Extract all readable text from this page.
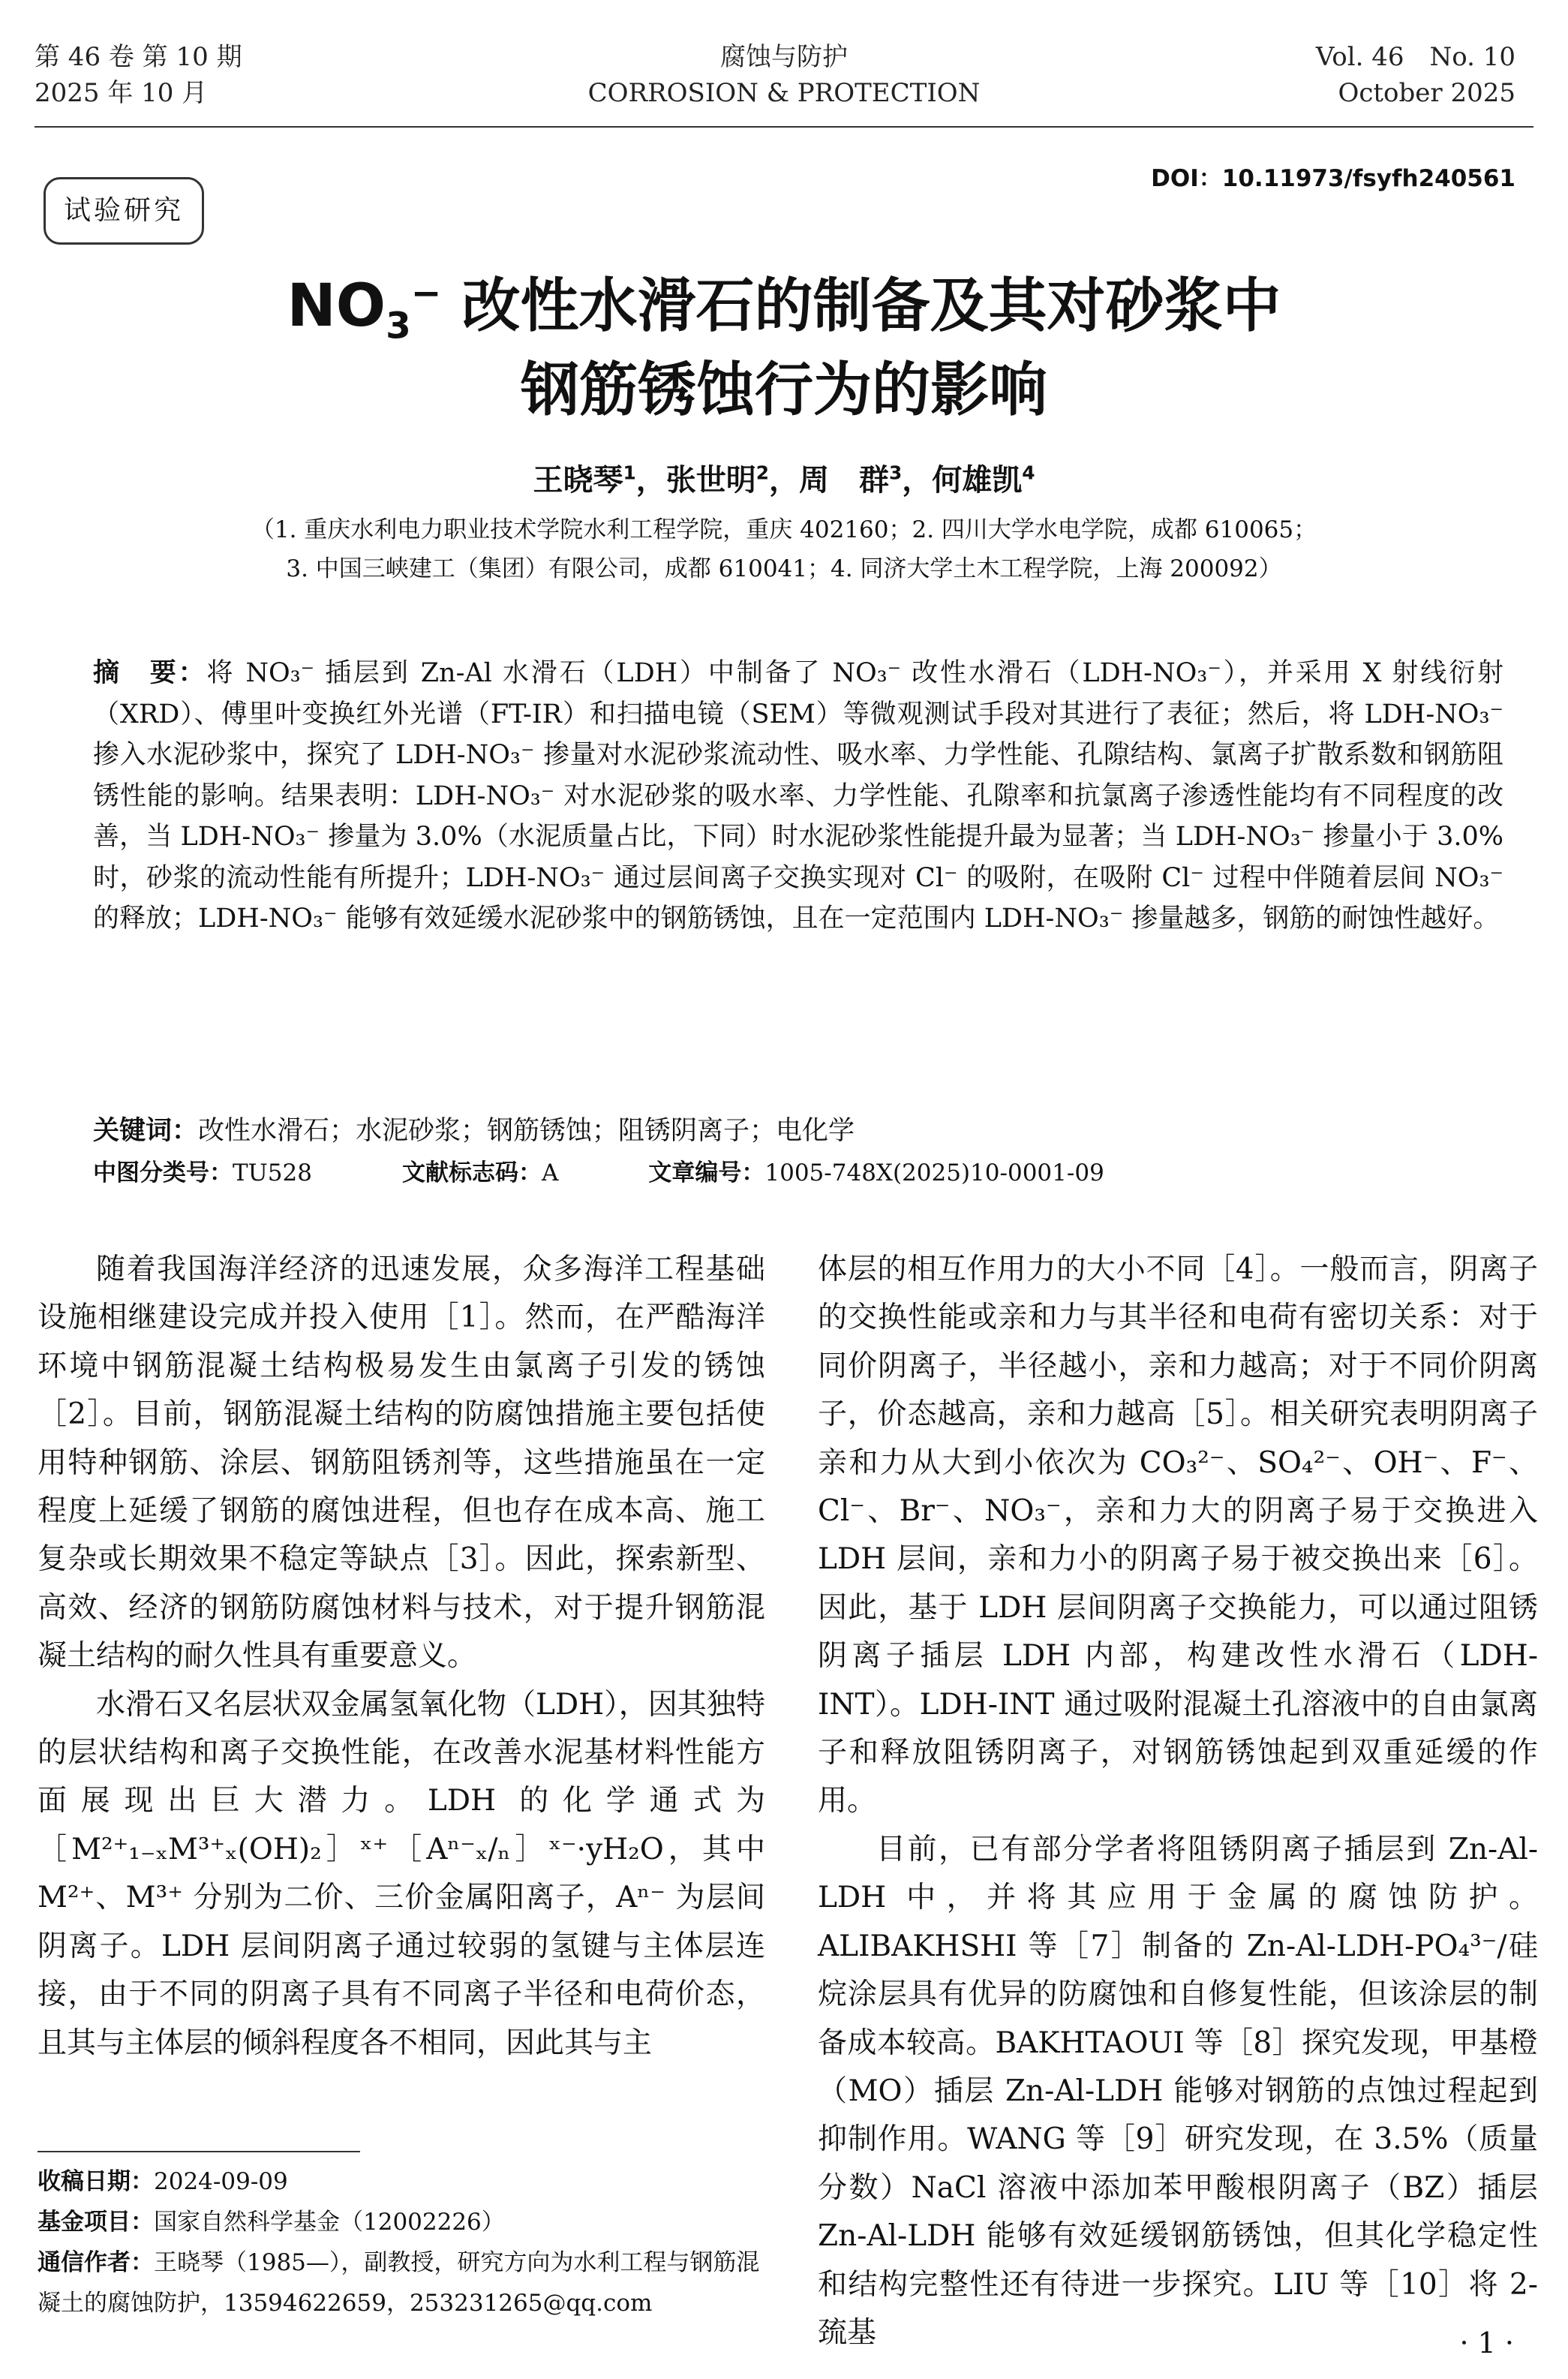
第 46 卷 第 10 期
2025 年 10 月
腐蚀与防护
CORROSION & PROTECTION
Vol. 46　No. 10
October 2025
DOI：10.11973/fsyfh240561
试验研究
$NO_3^-$ 改性水滑石的制备及其对砂浆中
钢筋锈蚀行为的影响
王晓琴$^1$，张世明$^2$，周　群$^3$，何雄凯$^4$
（1. 重庆水利电力职业技术学院水利工程学院，重庆 402160；2. 四川大学水电学院，成都 610065；
3. 中国三峡建工（集团）有限公司，成都 610041；4. 同济大学土木工程学院，上海 200092）
摘　要：将 NO₃⁻ 插层到 Zn-Al 水滑石（LDH）中制备了 NO₃⁻ 改性水滑石（LDH-NO₃⁻），并采用 X 射线衍射（XRD）、傅里叶变换红外光谱（FT-IR）和扫描电镜（SEM）等微观测试手段对其进行了表征；然后，将 LDH-NO₃⁻ 掺入水泥砂浆中，探究了 LDH-NO₃⁻ 掺量对水泥砂浆流动性、吸水率、力学性能、孔隙结构、氯离子扩散系数和钢筋阻锈性能的影响。结果表明：LDH-NO₃⁻ 对水泥砂浆的吸水率、力学性能、孔隙率和抗氯离子渗透性能均有不同程度的改善，当 LDH-NO₃⁻ 掺量为 3.0%（水泥质量占比，下同）时水泥砂浆性能提升最为显著；当 LDH-NO₃⁻ 掺量小于 3.0% 时，砂浆的流动性能有所提升；LDH-NO₃⁻ 通过层间离子交换实现对 Cl⁻ 的吸附，在吸附 Cl⁻ 过程中伴随着层间 NO₃⁻ 的释放；LDH-NO₃⁻ 能够有效延缓水泥砂浆中的钢筋锈蚀，且在一定范围内 LDH-NO₃⁻ 掺量越多，钢筋的耐蚀性越好。
关键词：改性水滑石；水泥砂浆；钢筋锈蚀；阻锈阴离子；电化学
中图分类号：TU528	文献标志码：A	文章编号：1005-748X(2025)10-0001-09

随着我国海洋经济的迅速发展，众多海洋工程基础设施相继建设完成并投入使用［1］。然而，在严酷海洋环境中钢筋混凝土结构极易发生由氯离子引发的锈蚀［2］。目前，钢筋混凝土结构的防腐蚀措施主要包括使用特种钢筋、涂层、钢筋阻锈剂等，这些措施虽在一定程度上延缓了钢筋的腐蚀进程，但也存在成本高、施工复杂或长期效果不稳定等缺点［3］。因此，探索新型、高效、经济的钢筋防腐蚀材料与技术，对于提升钢筋混凝土结构的耐久性具有重要意义。

水滑石又名层状双金属氢氧化物（LDH），因其独特的层状结构和离子交换性能，在改善水泥基材料性能方面展现出巨大潜力。LDH 的化学通式为［M²⁺₁₋ₓM³⁺ₓ(OH)₂］ˣ⁺［Aⁿ⁻ₓ/ₙ］ˣ⁻·yH₂O，其中 M²⁺、M³⁺ 分别为二价、三价金属阳离子，Aⁿ⁻ 为层间阴离子。LDH 层间阴离子通过较弱的氢键与主体层连接，由于不同的阴离子具有不同离子半径和电荷价态，且其与主体层的倾斜程度各不相同，因此其与主

体层的相互作用力的大小不同［4］。一般而言，阴离子的交换性能或亲和力与其半径和电荷有密切关系：对于同价阴离子，半径越小，亲和力越高；对于不同价阴离子，价态越高，亲和力越高［5］。相关研究表明阴离子亲和力从大到小依次为 CO₃²⁻、SO₄²⁻、OH⁻、F⁻、Cl⁻、Br⁻、NO₃⁻，亲和力大的阴离子易于交换进入 LDH 层间，亲和力小的阴离子易于被交换出来［6］。因此，基于 LDH 层间阴离子交换能力，可以通过阻锈阴离子插层 LDH 内部，构建改性水滑石（LDH-INT）。LDH-INT 通过吸附混凝土孔溶液中的自由氯离子和释放阻锈阴离子，对钢筋锈蚀起到双重延缓的作用。

目前，已有部分学者将阻锈阴离子插层到 Zn-Al-LDH 中，并将其应用于金属的腐蚀防护。ALIBAKHSHI 等［7］制备的 Zn-Al-LDH-PO₄³⁻/硅烷涂层具有优异的防腐蚀和自修复性能，但该涂层的制备成本较高。BAKHTAOUI 等［8］探究发现，甲基橙（MO）插层 Zn-Al-LDH 能够对钢筋的点蚀过程起到抑制作用。WANG 等［9］研究发现，在 3.5%（质量分数）NaCl 溶液中添加苯甲酸根阴离子（BZ）插层 Zn-Al-LDH 能够有效延缓钢筋锈蚀，但其化学稳定性和结构完整性还有待进一步探究。LIU 等［10］将 2-巯基

收稿日期：2024-09-09
基金项目：国家自然科学基金（12002226）
通信作者：王晓琴（1985—），副教授，研究方向为水利工程与钢筋混凝土的腐蚀防护，13594622659，253231265@qq.com
· 1 ·
